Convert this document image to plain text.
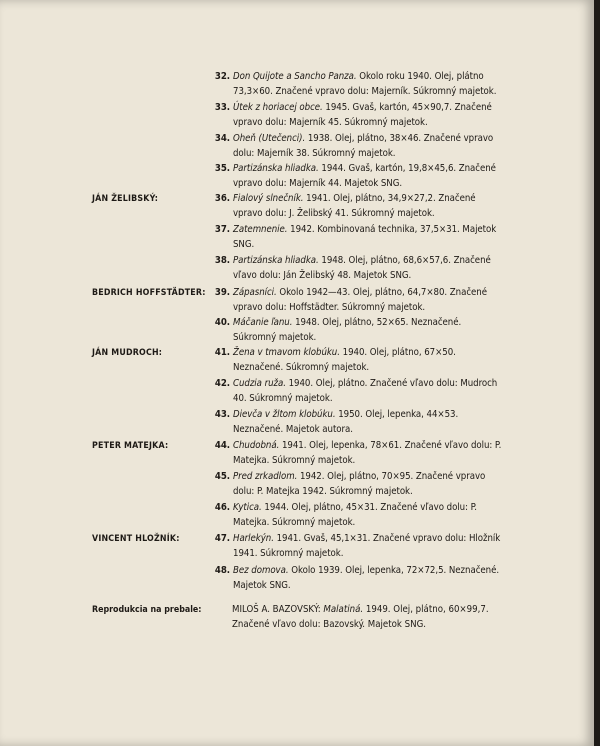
JÁN ŽELIBSKÝ:
BEDRICH HOFFSTÄDTER:
JÁN MUDROCH:
PETER MATEJKA:
VINCENT HLOŽNÍK:
32. Don Quijote a Sancho Panza. Okolo roku 1940. Olej, plátno 73,3×60. Značené vpravo dolu: Majerník. Súkromný majetok.
33. Útek z horiacej obce. 1945. Gvaš, kartón, 45×90,7. Značené vpravo dolu: Majerník 45. Súkromný majetok.
34. Oheň (Utečenci). 1938. Olej, plátno, 38×46. Značené vpravo dolu: Majerník 38. Súkromný majetok.
35. Partizánska hliadka. 1944. Gvaš, kartón, 19,8×45,6. Značené vpravo dolu: Majerník 44. Majetok SNG.
36. Fialový slnečník. 1941. Olej, plátno, 34,9×27,2. Značené vpravo dolu: J. Želibský 41. Súkromný majetok.
37. Zatemnenie. 1942. Kombinovaná technika, 37,5×31. Majetok SNG.
38. Partizánska hliadka. 1948. Olej, plátno, 68,6×57,6. Značené vľavo dolu: Ján Želibský 48. Majetok SNG.
39. Zápasníci. Okolo 1942—43. Olej, plátno, 64,7×80. Značené vpravo dolu: Hoffstädter. Súkromný majetok.
40. Máčanie ľanu. 1948. Olej, plátno, 52×65. Neznačené. Súkromný majetok.
41. Žena v tmavom klobúku. 1940. Olej, plátno, 67×50. Neznačené. Súkromný majetok.
42. Cudzia ruža. 1940. Olej, plátno. Značené vľavo dolu: Mudroch 40. Súkromný majetok.
43. Dievča v žltom klobúku. 1950. Olej, lepenka, 44×53. Neznačené. Majetok autora.
44. Chudobná. 1941. Olej, lepenka, 78×61. Značené vľavo dolu: P. Matejka. Súkromný majetok.
45. Pred zrkadlom. 1942. Olej, plátno, 70×95. Značené vpravo dolu: P. Matejka 1942. Súkromný majetok.
46. Kytica. 1944. Olej, plátno, 45×31. Značené vľavo dolu: P. Matejka. Súkromný majetok.
47. Harlekýn. 1941. Gvaš, 45,1×31. Značené vpravo dolu: Hložník 1941. Súkromný majetok.
48. Bez domova. Okolo 1939. Olej, lepenka, 72×72,5. Neznačené. Majetok SNG.
Reprodukcia na prebale:	MILOŠ A. BAZOVSKÝ: Malatiná. 1949. Olej, plátno, 60×99,7. Značené vľavo dolu: Bazovský. Majetok SNG.
